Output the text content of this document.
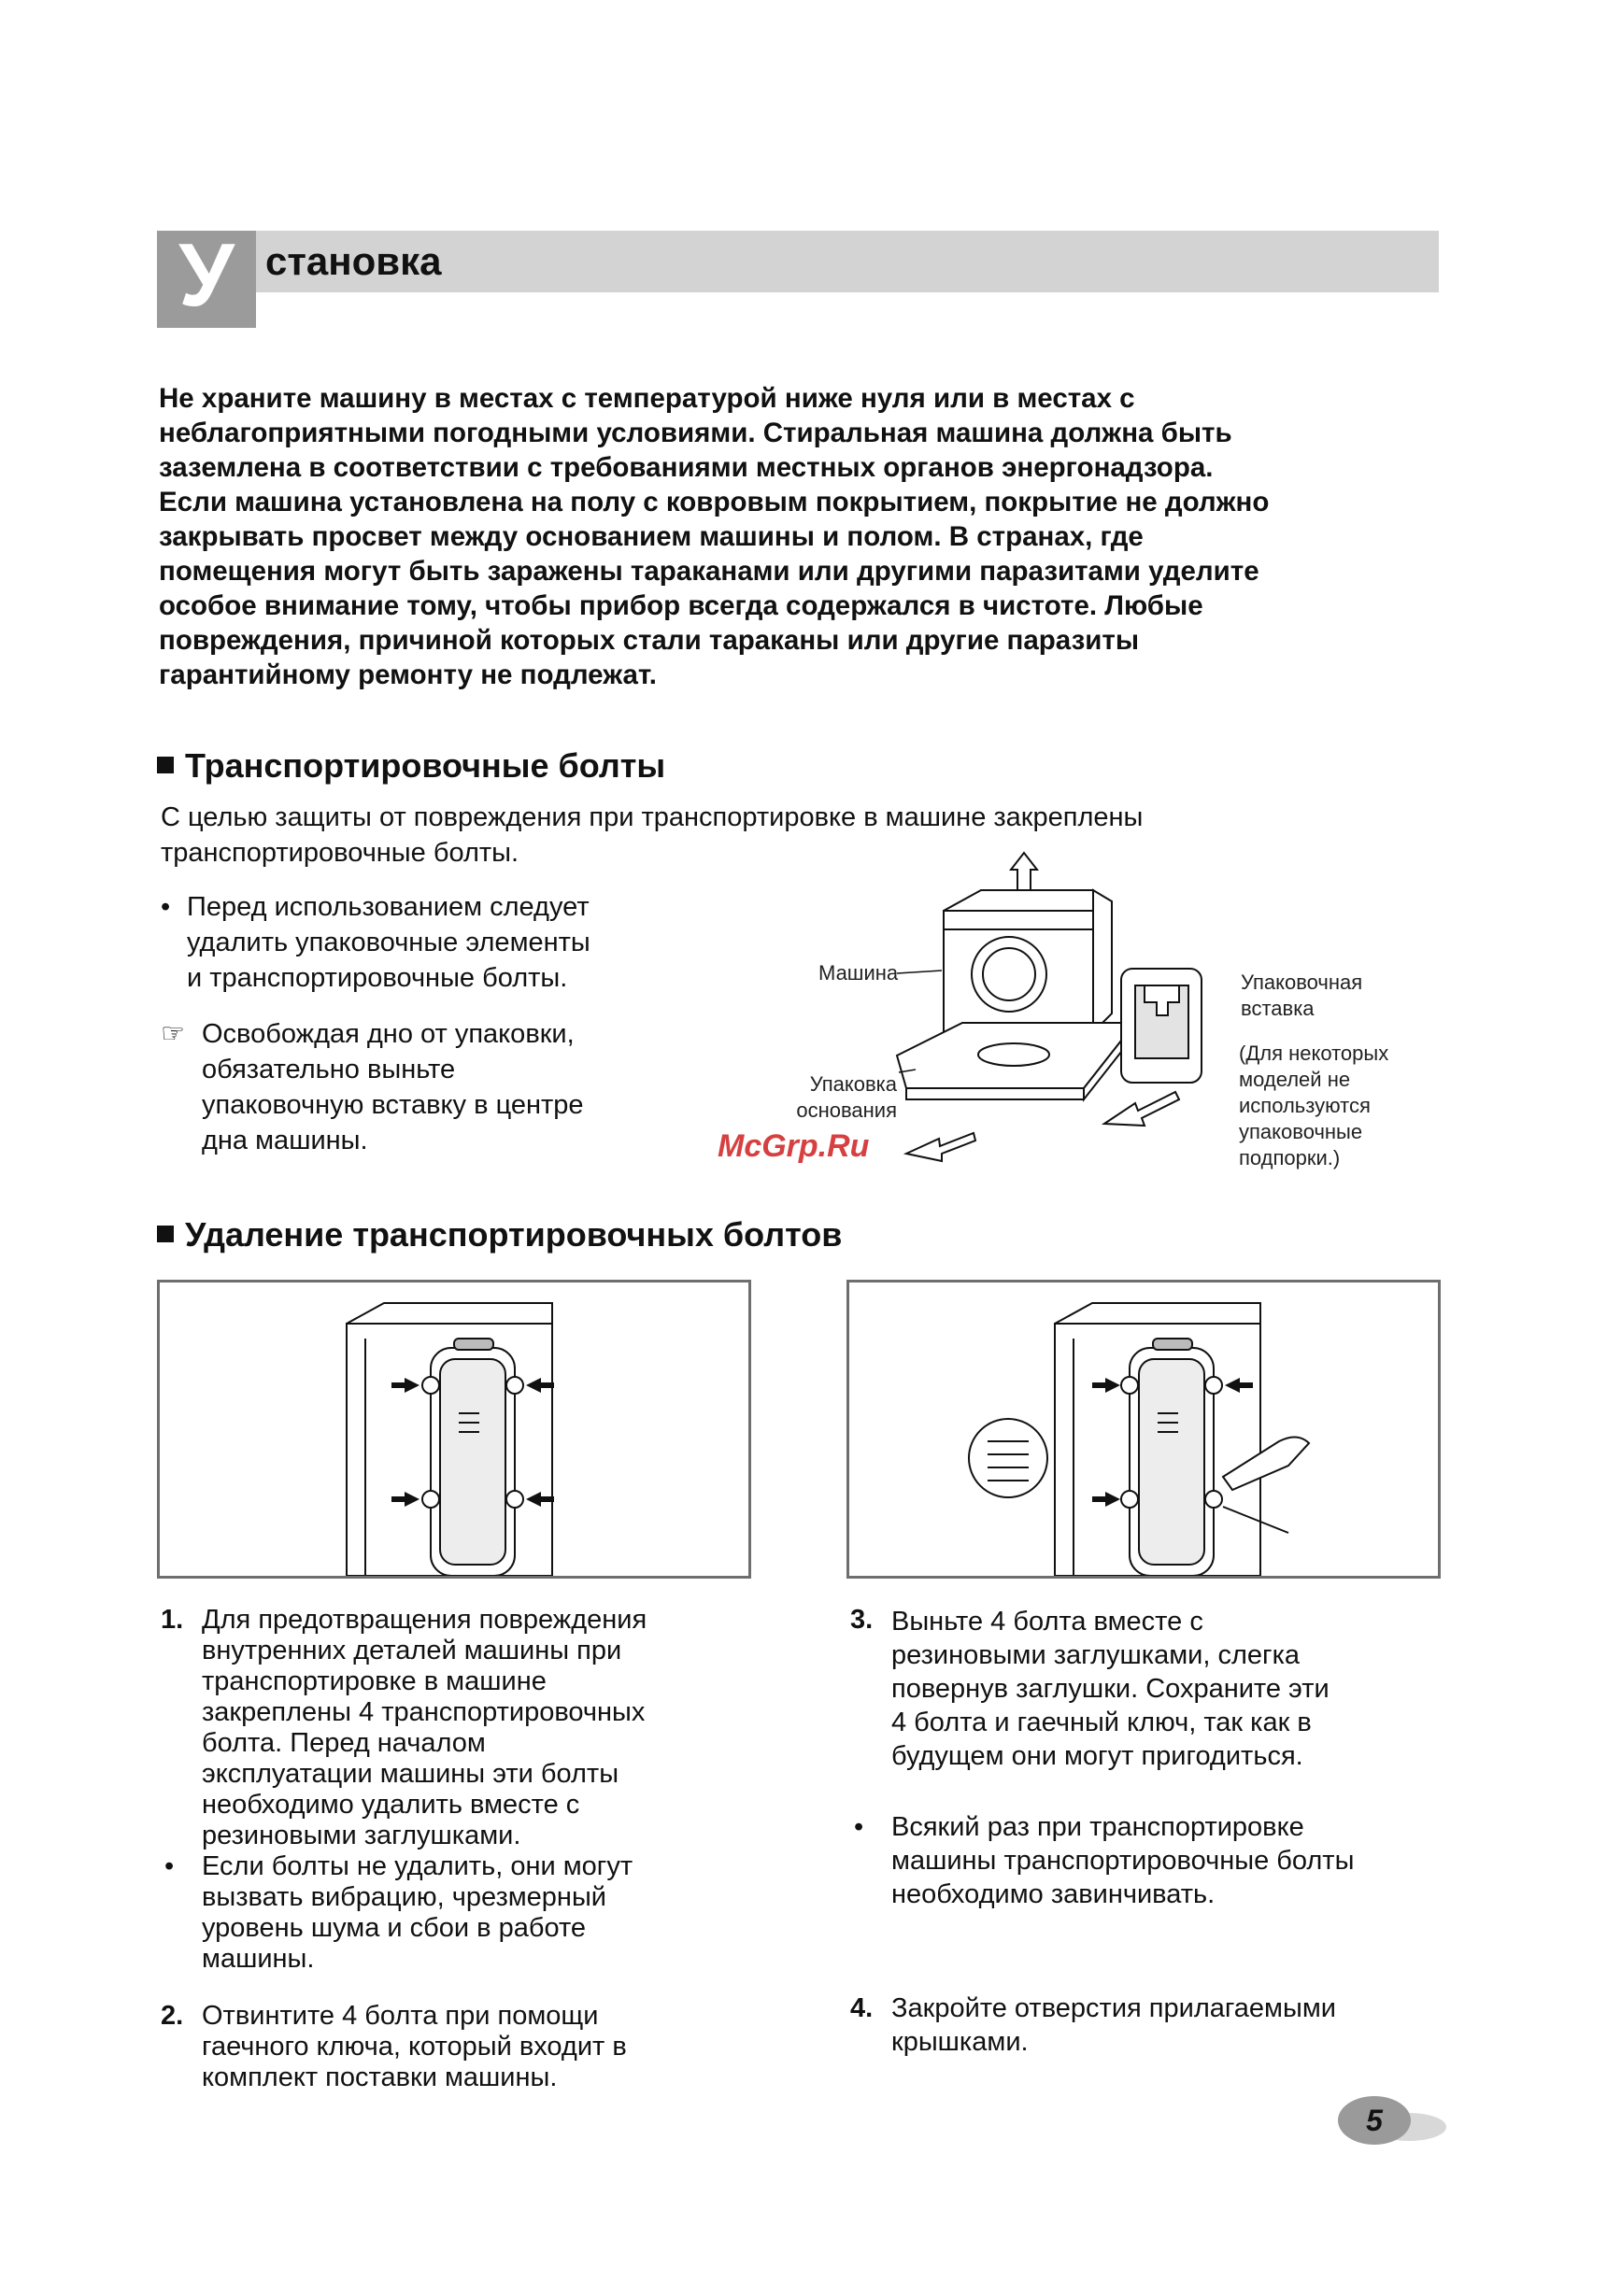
У становка

Не храните машину в местах с температурой ниже нуля или в местах с

неблагоприятными погодными условиями. Стиральная машина должна быть

заземлена в соответствии с требованиями местных органов энергонадзора.

Если машина установлена на полу с ковровым покрытием, покрытие не должно

закрывать просвет между основанием машины и полом. В странах, где

помещения могут быть заражены тараканами или другими паразитами уделите

особое внимание тому, чтобы прибор всегда содержался в чистоте. Любые

повреждения, причиной которых стали тараканы или другие паразиты

гарантийному ремонту не подлежат.

Транспортировочные болты

С целью защиты от повреждения при транспортировке в машине закреплены

транспортировочные болты.

• Перед использованием следует

удалить упаковочные элементы

и транспортировочные болты.

☞ Освобождая дно от упаковки,

обязательно выньте

упаковочную вставку в центре

дна машины.

Машина
Упаковка
основания
Упаковочная
вставка
(Для некоторых
моделей не
используются
упаковочные
подпорки.)
McGrp.Ru
Удаление транспортировочных болтов
1. Для предотвращения повреждения
внутренних деталей машины при
транспортировке в машине
закреплены 4 транспортировочных
болта. Перед началом
эксплуатации машины эти болты
необходимо удалить вместе с
резиновыми заглушками.
•	Если болты не удалить, они могут
вызвать вибрацию, чрезмерный
уровень шума и сбои в работе
машины.
2. Отвинтите 4 болта при помощи
гаечного ключа, который входит в
комплект поставки машины.
3. Выньте 4 болта вместе с
резиновыми заглушками, слегка
повернув заглушки. Сохраните эти
4 болта и гаечный ключ, так как в
будущем они могут пригодиться.
•	Всякий раз при транспортировке
машины транспортировочные болты
необходимо завинчивать.
4. Закройте отверстия прилагаемыми
крышками.
5
